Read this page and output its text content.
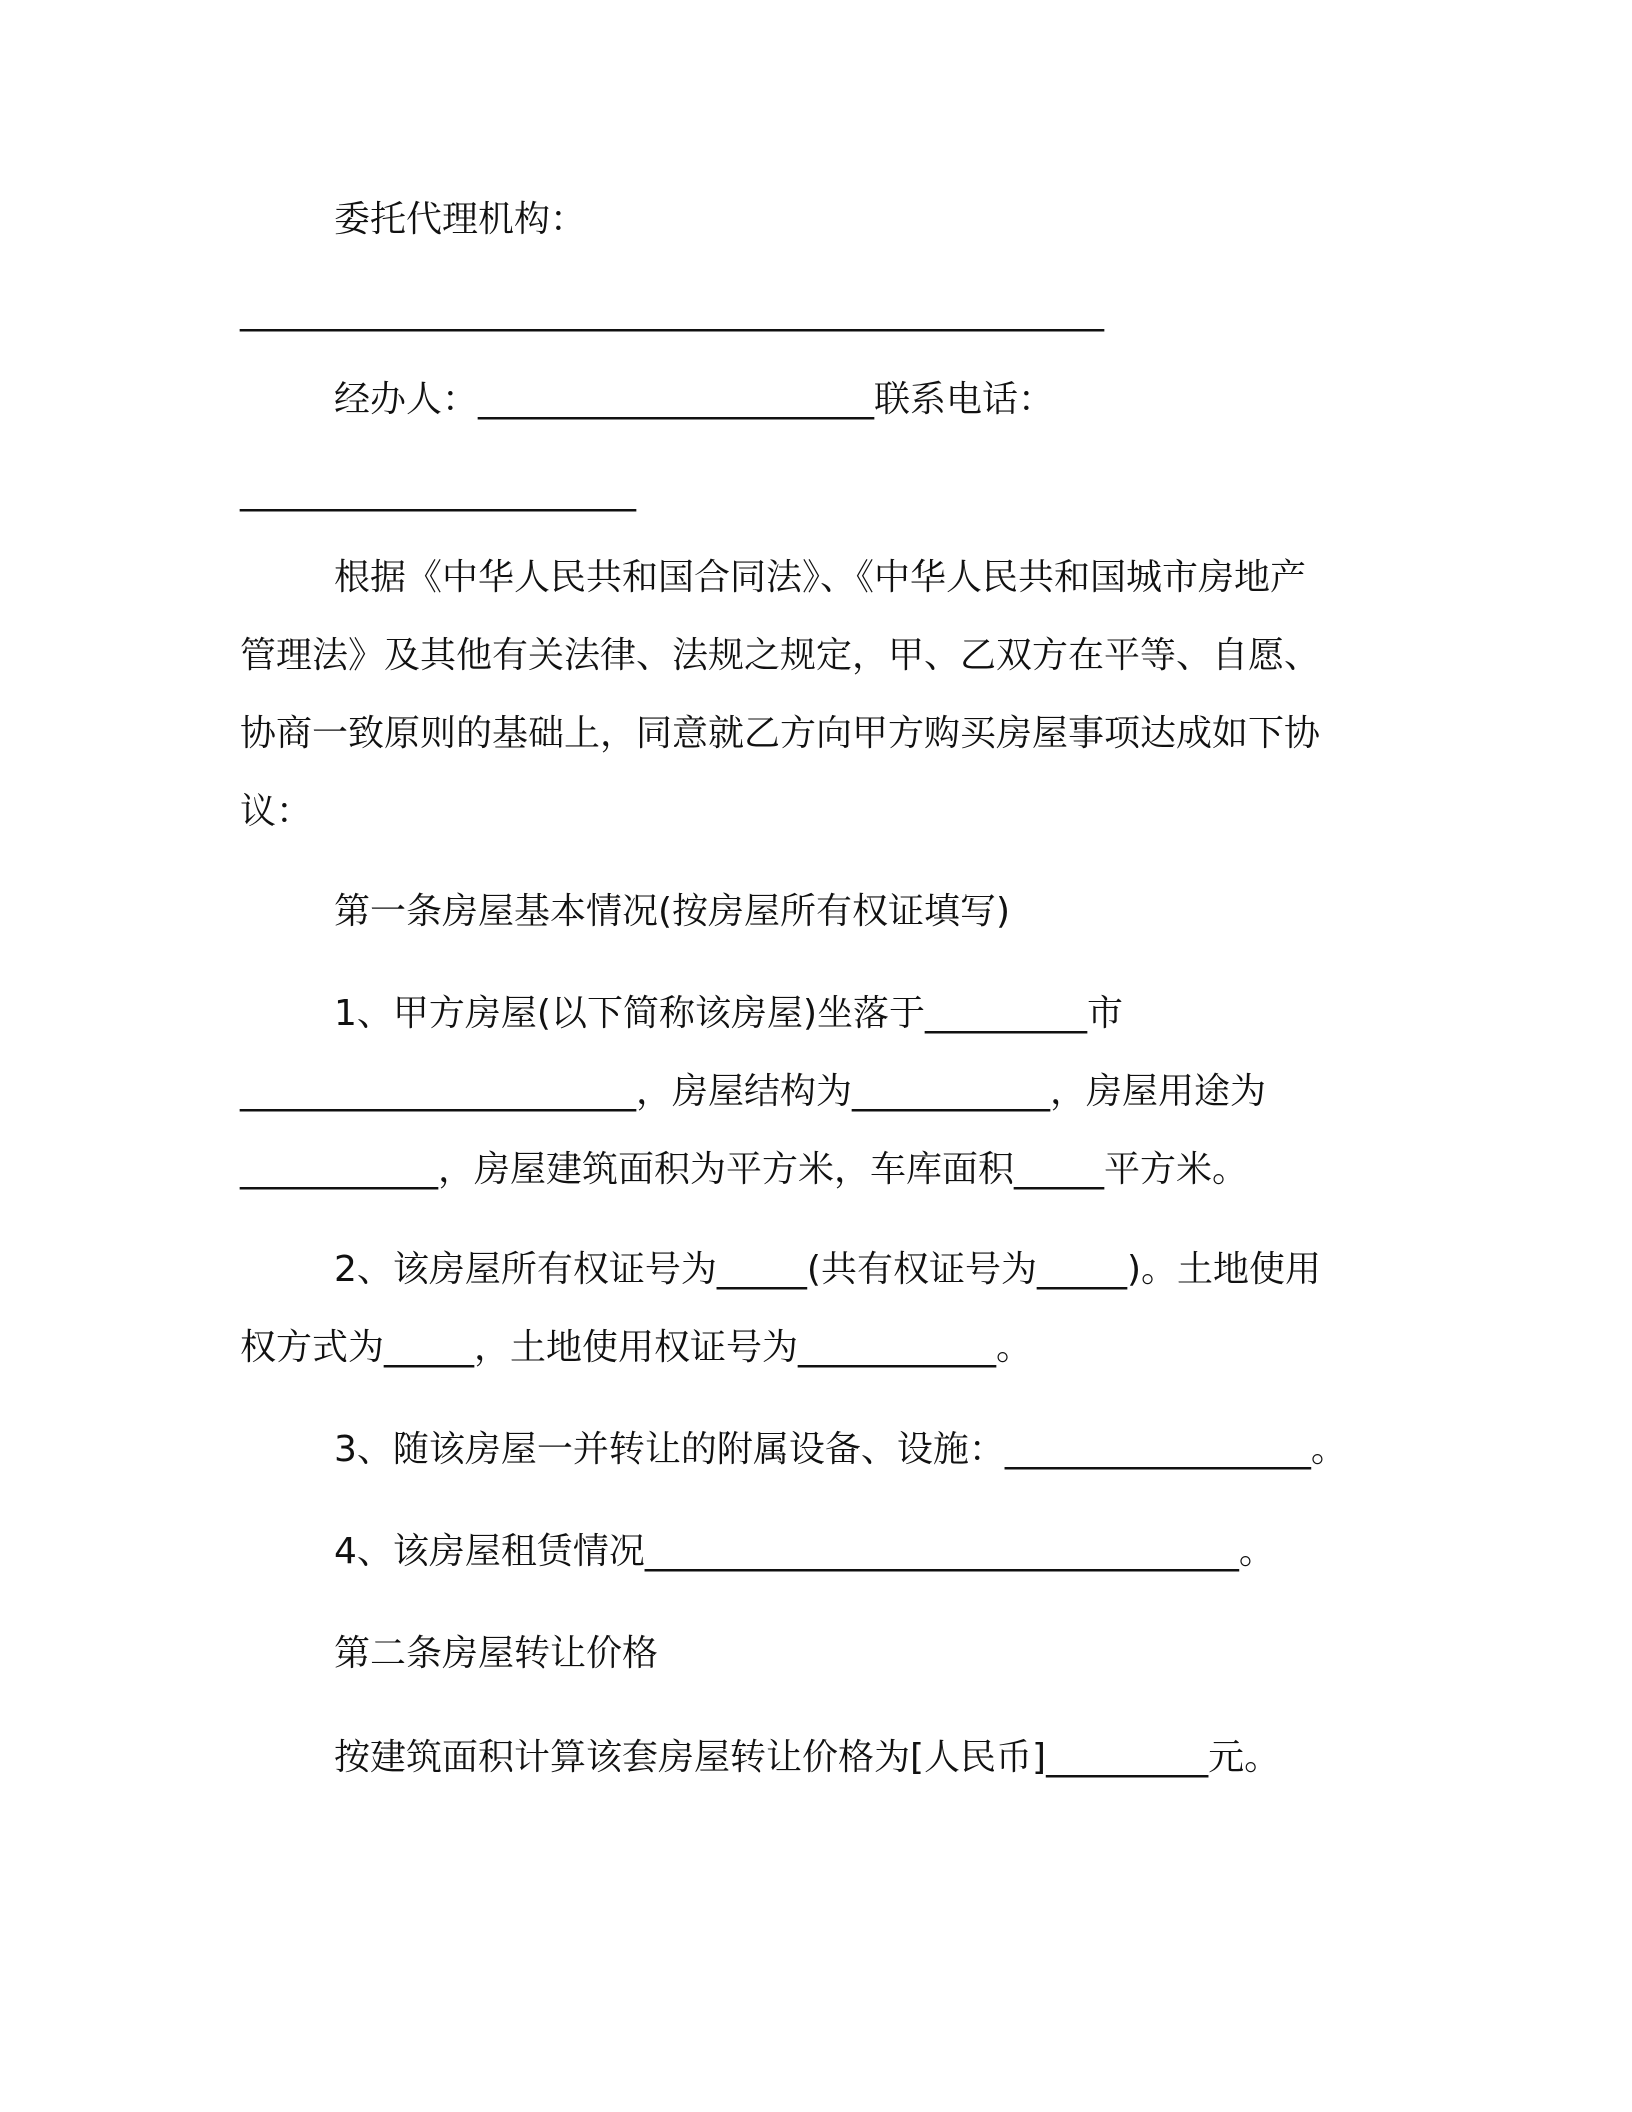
委托代理机构：
________________________________________________
经办人：______________________联系电话：
______________________
根据《中华人民共和国合同法》、《中华人民共和国城市房地产
管理法》及其他有关法律、法规之规定，甲、乙双方在平等、自愿、
协商一致原则的基础上，同意就乙方向甲方购买房屋事项达成如下协
议：
第一条房屋基本情况(按房屋所有权证填写)
1、甲方房屋(以下简称该房屋)坐落于_________市
______________________，房屋结构为___________，房屋用途为
___________，房屋建筑面积为平方米，车库面积_____平方米。
2、该房屋所有权证号为_____(共有权证号为_____)。土地使用
权方式为_____，土地使用权证号为___________。
3、随该房屋一并转让的附属设备、设施：_________________。
4、该房屋租赁情况_________________________________。
第二条房屋转让价格
按建筑面积计算该套房屋转让价格为[人民币]_________元。
